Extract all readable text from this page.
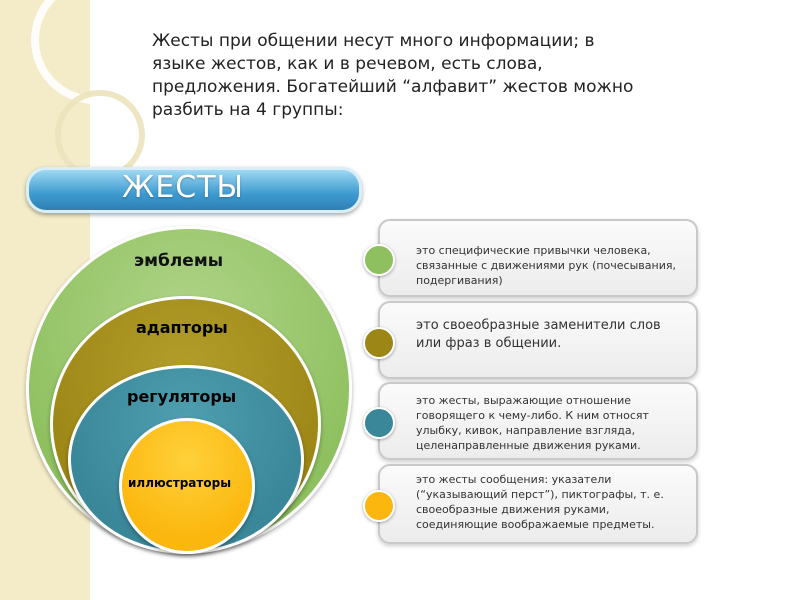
Жесты при общении несут много информации; в языке жестов, как и в речевом, есть слова, предложения. Богатейший “алфавит” жестов можно разбить на 4 группы:
ЖЕСТЫ
эмблемы
адапторы
регуляторы
иллюстраторы
это специфические привычки человека, связанные с движениями рук (почесывания, подергивания)
это своеобразные заменители слов или фраз в общении.
это жесты, выражающие отношение говорящего к чему-либо. К ним относят улыбку, кивок, направление взгляда, целенаправленные движения руками.
это жесты сообщения: указатели (“указывающий перст”), пиктографы, т. е. своеобразные движения руками, соединяющие воображаемые предметы.
